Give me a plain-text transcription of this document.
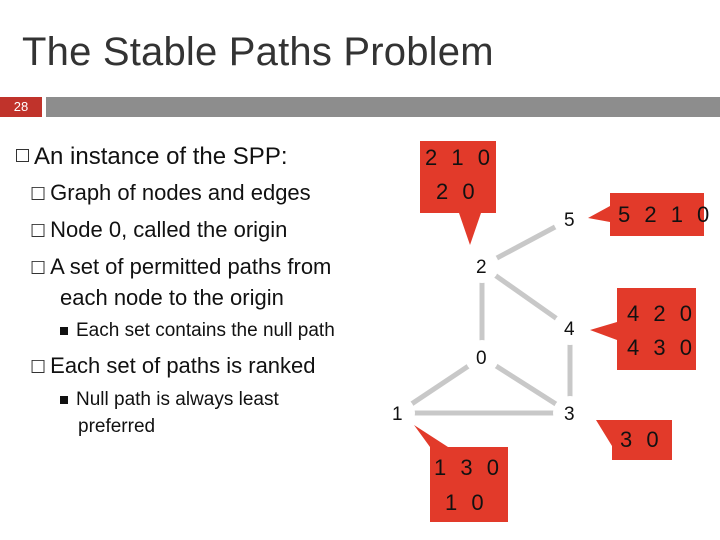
The Stable Paths Problem
28
2 1 0
2 0
5 2 1 0
4 2 0
4 3 0
3 0
1 3 0
1 0
0
1
2
3
4
5
An instance of the SPP:
☐ Graph of nodes and edges
☐ Node 0, called the origin
☐ A set of permitted paths from
each node to the origin
Each set contains the null path
☐ Each set of paths is ranked
Null path is always least
preferred
